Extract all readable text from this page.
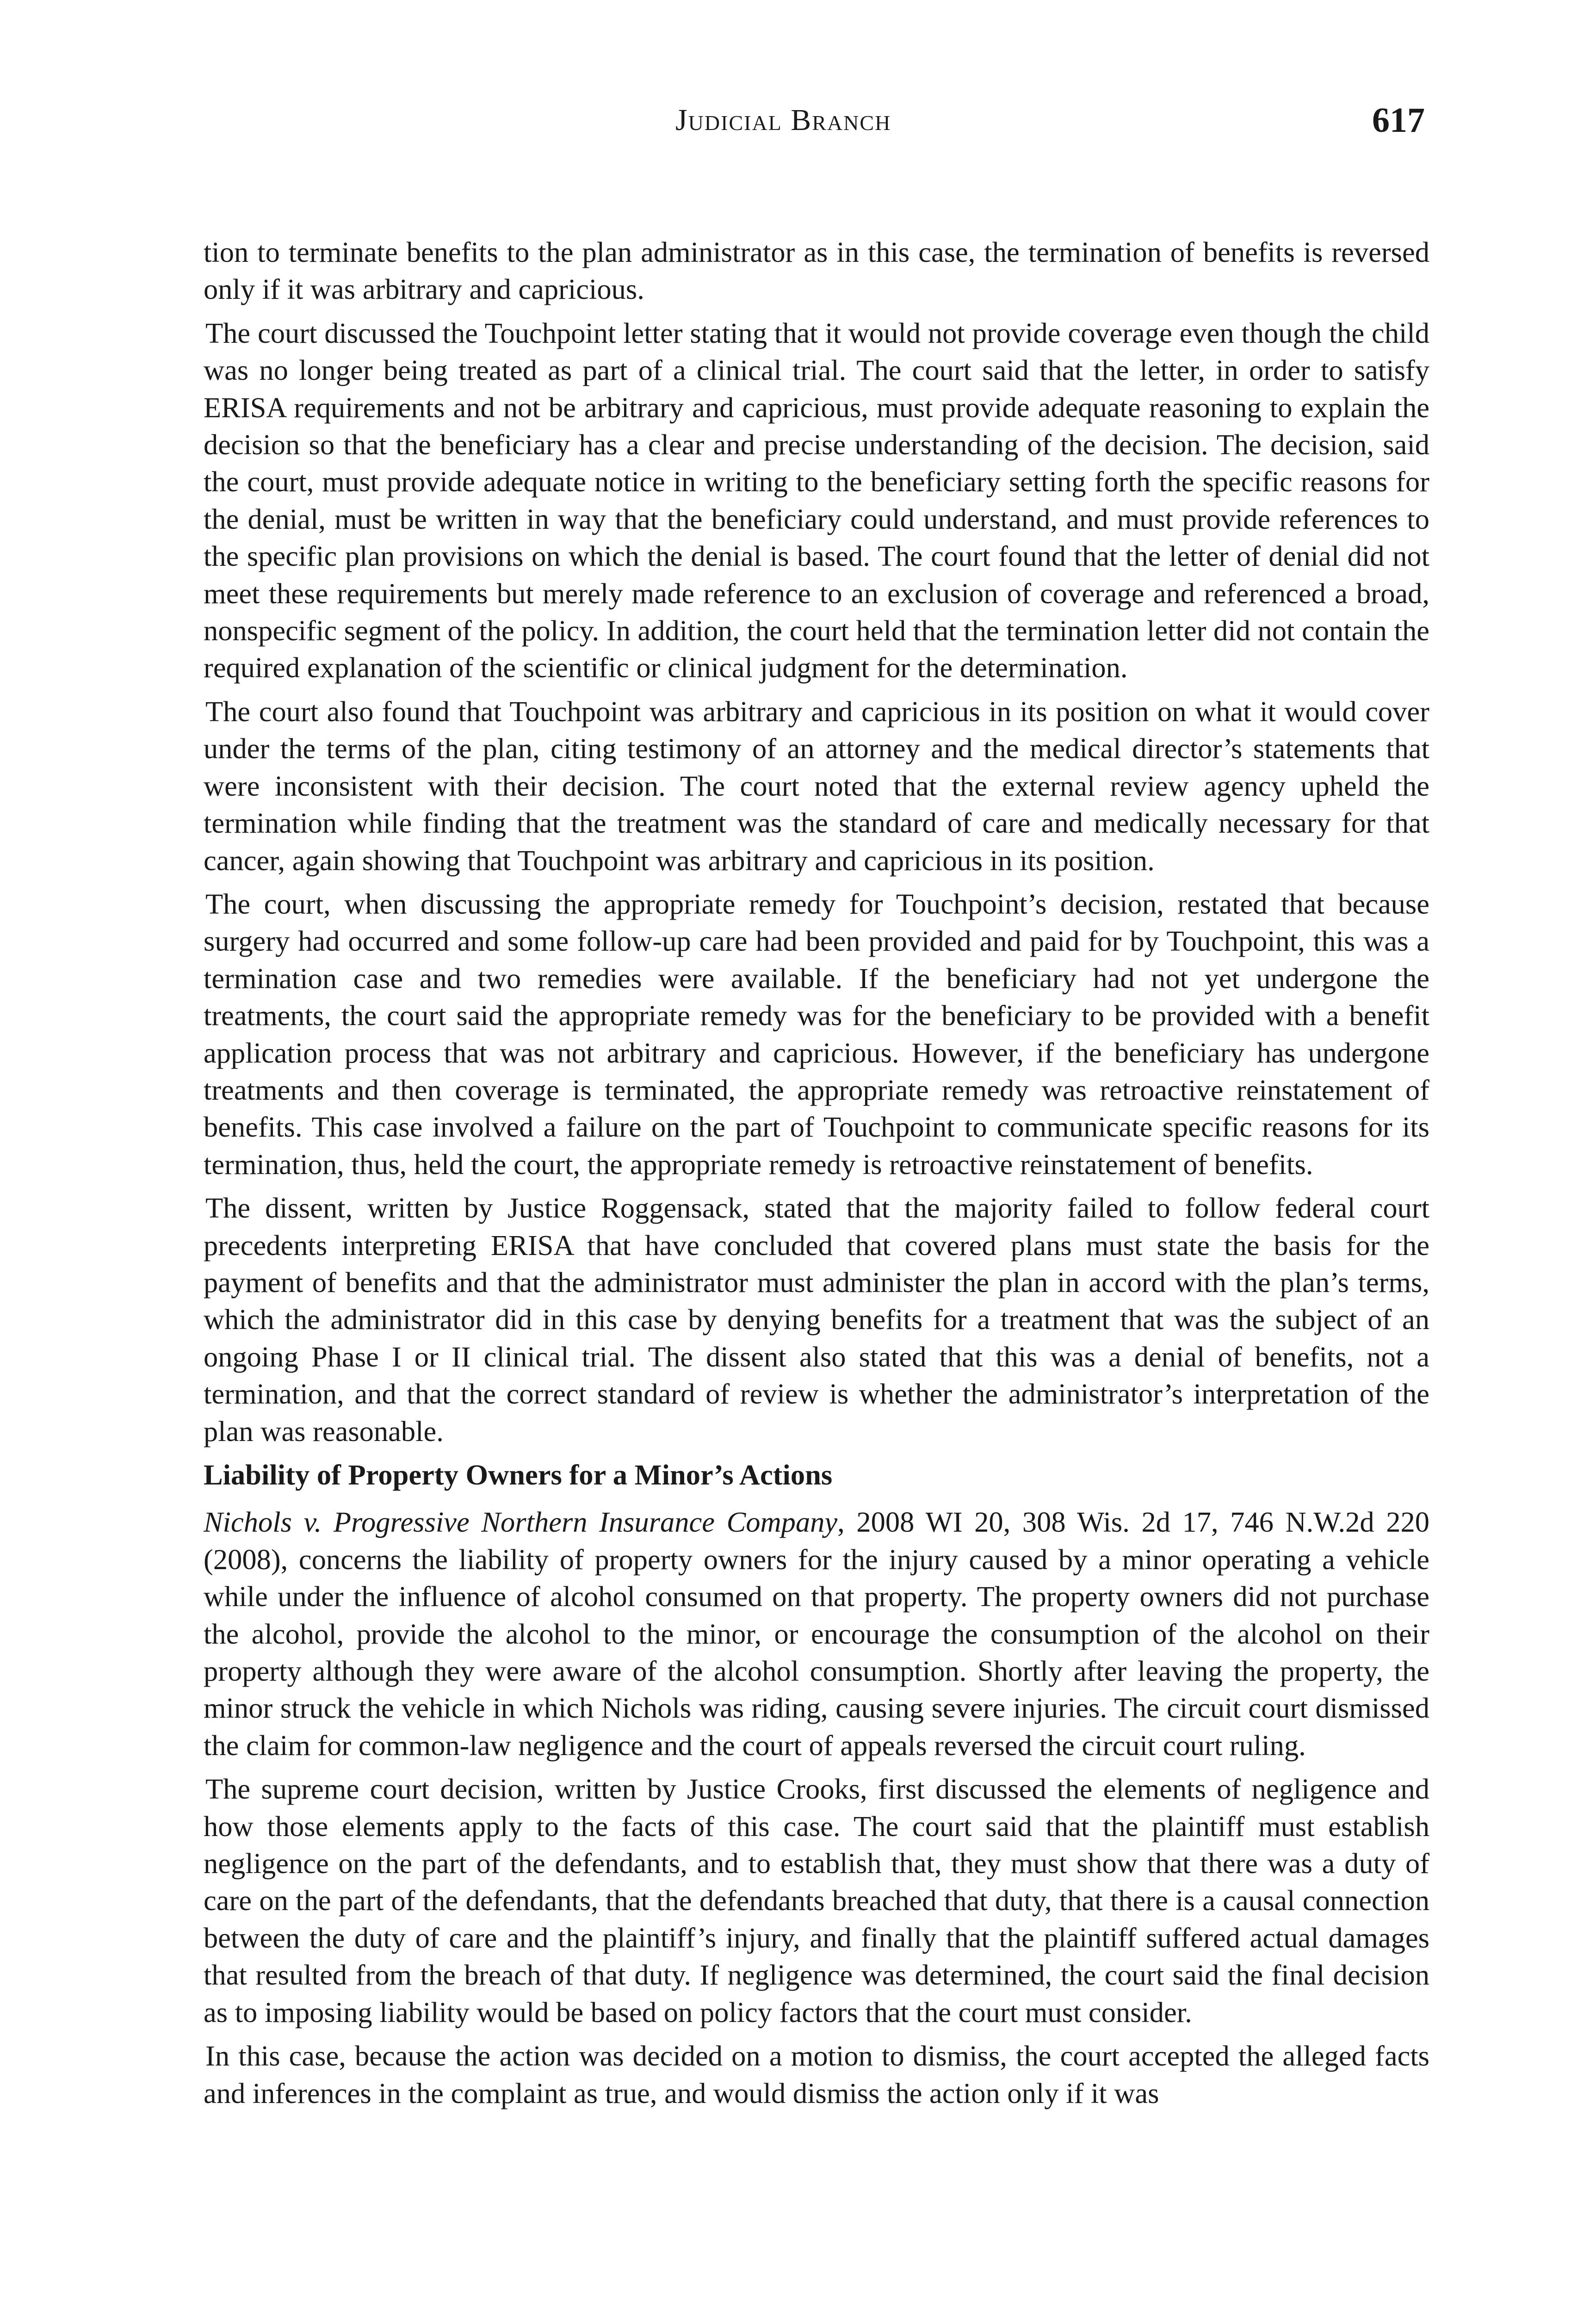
Judicial Branch	617

tion to terminate benefits to the plan administrator as in this case, the termination of benefits is reversed only if it was arbitrary and capricious.

The court discussed the Touchpoint letter stating that it would not provide coverage even though the child was no longer being treated as part of a clinical trial. The court said that the letter, in order to satisfy ERISA requirements and not be arbitrary and capricious, must provide adequate reasoning to explain the decision so that the beneficiary has a clear and precise understanding of the decision. The decision, said the court, must provide adequate notice in writing to the beneficiary setting forth the specific reasons for the denial, must be written in way that the beneficiary could understand, and must provide references to the specific plan provisions on which the denial is based. The court found that the letter of denial did not meet these requirements but merely made reference to an exclusion of coverage and referenced a broad, nonspecific segment of the policy. In addition, the court held that the termination letter did not contain the required explanation of the scientific or clinical judgment for the determination.

The court also found that Touchpoint was arbitrary and capricious in its position on what it would cover under the terms of the plan, citing testimony of an attorney and the medical director’s statements that were inconsistent with their decision. The court noted that the external review agency upheld the termination while finding that the treatment was the standard of care and medically necessary for that cancer, again showing that Touchpoint was arbitrary and capricious in its position.

The court, when discussing the appropriate remedy for Touchpoint’s decision, restated that because surgery had occurred and some follow-up care had been provided and paid for by Touchpoint, this was a termination case and two remedies were available. If the beneficiary had not yet undergone the treatments, the court said the appropriate remedy was for the beneficiary to be provided with a benefit application process that was not arbitrary and capricious. However, if the beneficiary has undergone treatments and then coverage is terminated, the appropriate remedy was retroactive reinstatement of benefits. This case involved a failure on the part of Touchpoint to communicate specific reasons for its termination, thus, held the court, the appropriate remedy is retroactive reinstatement of benefits.

The dissent, written by Justice Roggensack, stated that the majority failed to follow federal court precedents interpreting ERISA that have concluded that covered plans must state the basis for the payment of benefits and that the administrator must administer the plan in accord with the plan’s terms, which the administrator did in this case by denying benefits for a treatment that was the subject of an ongoing Phase I or II clinical trial. The dissent also stated that this was a denial of benefits, not a termination, and that the correct standard of review is whether the administrator’s interpretation of the plan was reasonable.

Liability of Property Owners for a Minor’s Actions

Nichols v. Progressive Northern Insurance Company, 2008 WI 20, 308 Wis. 2d 17, 746 N.W.2d 220 (2008), concerns the liability of property owners for the injury caused by a minor operating a vehicle while under the influence of alcohol consumed on that property. The property owners did not purchase the alcohol, provide the alcohol to the minor, or encourage the consumption of the alcohol on their property although they were aware of the alcohol consumption. Shortly after leaving the property, the minor struck the vehicle in which Nichols was riding, causing severe injuries. The circuit court dismissed the claim for common-law negligence and the court of appeals reversed the circuit court ruling.

The supreme court decision, written by Justice Crooks, first discussed the elements of negligence and how those elements apply to the facts of this case. The court said that the plaintiff must establish negligence on the part of the defendants, and to establish that, they must show that there was a duty of care on the part of the defendants, that the defendants breached that duty, that there is a causal connection between the duty of care and the plaintiff’s injury, and finally that the plaintiff suffered actual damages that resulted from the breach of that duty. If negligence was determined, the court said the final decision as to imposing liability would be based on policy factors that the court must consider.

In this case, because the action was decided on a motion to dismiss, the court accepted the alleged facts and inferences in the complaint as true, and would dismiss the action only if it was
